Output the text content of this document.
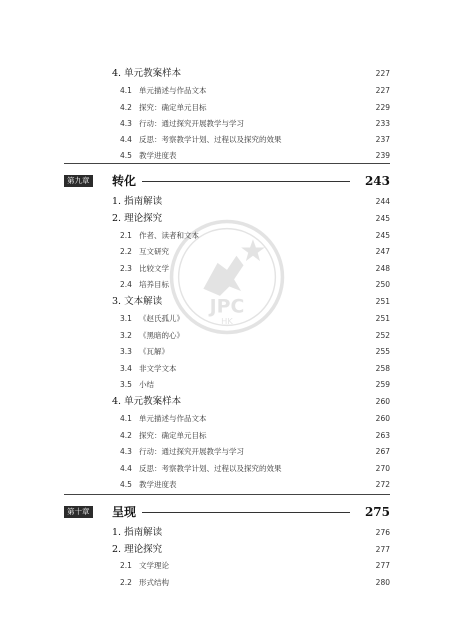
4. 单元教案样本	227
4.1 单元描述与作品文本	227
4.2 探究：确定单元目标	229
4.3 行动：通过探究开展教学与学习	233
4.4 反思：考察教学计划、过程以及探究的效果	237
4.5 教学进度表	239
第九章 转化	243
1. 指南解读	244
2. 理论探究	245
2.1 作者、读者和文本	245
2.2 互文研究	247
2.3 比较文学	248
2.4 培养目标	250
3. 文本解读	251
3.1 《赵氏孤儿》	251
3.2 《黑暗的心》	252
3.3 《瓦解》	255
3.4 非文学文本	258
3.5 小结	259
4. 单元教案样本	260
4.1 单元描述与作品文本	260
4.2 探究：确定单元目标	263
4.3 行动：通过探究开展教学与学习	267
4.4 反思：考察教学计划、过程以及探究的效果	270
4.5 教学进度表	272
第十章 呈现	275
1. 指南解读	276
2. 理论探究	277
2.1 文学理论	277
2.2 形式结构	280
JPC
HK
